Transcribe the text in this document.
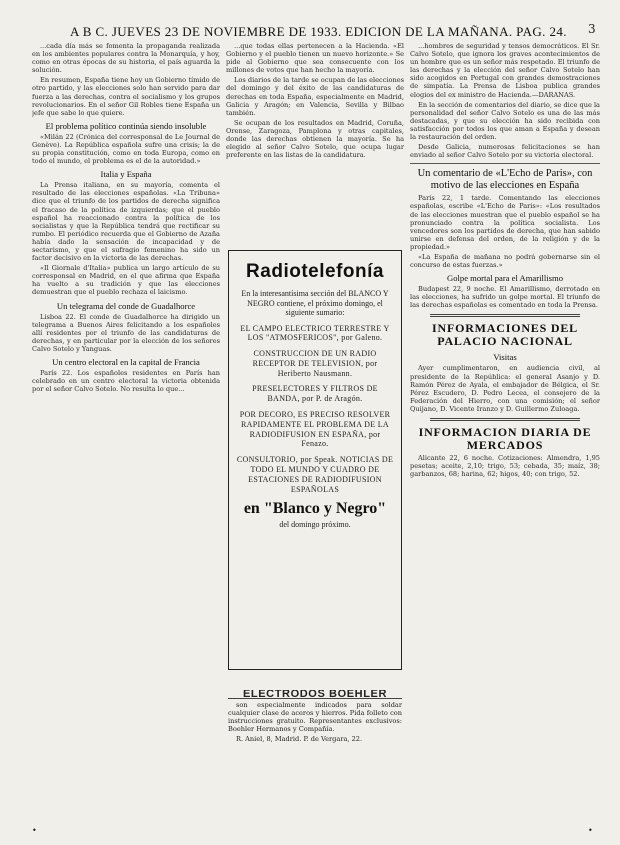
A B C. JUEVES 23 DE NOVIEMBRE DE 1933. EDICION DE LA MAÑANA. PAG. 24.	3

...cada día más se fomenta la propaganda realizada en los ambientes populares contra la Monarquía, y hoy, como en otras épocas de su historia, el país aguarda la solución.

En resumen, España tiene hoy un Gobierno tímido de otro partido, y las elecciones solo han servido para dar fuerza a las derechas, contra el socialismo y los grupos revolucionarios. En el señor Gil Robles tiene España un jefe que sabe lo que quiere.

El problema político continúa siendo insoluble

«Milán 22 (Crónica del corresponsal de Le Journal de Genève). La República española sufre una crisis; la de su propia constitución, como en toda Europa, como en todo el mundo, el problema es el de la autoridad.»

Italia y España

La Prensa italiana, en su mayoría, comenta el resultado de las elecciones españolas. «La Tribuna» dice que el triunfo de los partidos de derecha significa el fracaso de la política de izquierdas; que el pueblo español ha reaccionado contra la política de los socialistas y que la República tendrá que rectificar su rumbo. El periódico recuerda que el Gobierno de Azaña había dado la sensación de incapacidad y de sectarismo, y que el sufragio femenino ha sido un factor decisivo en la victoria de las derechas.

«Il Giornale d'Italia» publica un largo artículo de su corresponsal en Madrid, en el que afirma que España ha vuelto a su tradición y que las elecciones demuestran que el pueblo rechaza el laicismo.

Un telegrama del conde de Guadalhorce

Lisboa 22. El conde de Guadalhorce ha dirigido un telegrama a Buenos Aires felicitando a los españoles allí residentes por el triunfo de las candidaturas de derechas, y en particular por la elección de los señores Calvo Sotelo y Yanguas.

Un centro electoral en la capital de Francia

París 22. Los españoles residentes en París han celebrado en un centro electoral la victoria obtenida por el señor Calvo Sotelo. No resulta lo que...

...que todas ellas pertenecen a la Hacienda. «El Gobierno y el pueblo tienen un nuevo horizonte.» Se pide al Gobierno que sea consecuente con los millones de votos que han hecho la mayoría.

Los diarios de la tarde se ocupan de las elecciones del domingo y del éxito de las candidaturas de derechas en toda España, especialmente en Madrid, Galicia y Aragón; en Valencia, Sevilla y Bilbao también.

Se ocupan de los resultados en Madrid, Coruña, Orense, Zaragoza, Pamplona y otras capitales, donde las derechas obtienen la mayoría. Se ha elegido al señor Calvo Sotelo, que ocupa lugar preferente en las listas de la candidatura.

Radiotelefonía
En la interesantísima sección del BLANCO Y NEGRO contiene, el próximo domingo, el siguiente sumario:
EL CAMPO ELECTRICO TERRESTRE Y LOS "ATMOSFERICOS", por Galeno.
CONSTRUCCION DE UN RADIO RECEPTOR DE TELEVISION, por Heriberto Nausmann.
PRESELECTORES Y FILTROS DE BANDA, por P. de Aragón.
POR DECORO, ES PRECISO RESOLVER RAPIDAMENTE EL PROBLEMA DE LA RADIODIFUSION EN ESPAÑA, por Fenazo.
CONSULTORIO, por Speak. NOTICIAS DE TODO EL MUNDO Y CUADRO DE ESTACIONES DE RADIODIFUSION ESPAÑOLAS
en "Blanco y Negro"
del domingo próximo.
ELECTRODOS BOEHLER

son especialmente indicados para soldar cualquier clase de aceros y hierros. Pida folleto con instrucciones gratuito. Representantes exclusivos: Boehler Hermanos y Compañía.

R. Aniel, 8, Madrid. P. de Vergara, 22.

...hombres de seguridad y tensos democráticos. El Sr. Calvo Sotelo, que ignora los graves acontecimientos de un hombre que es un señor más respetado. El triunfo de las derechas y la elección del señor Calvo Sotelo han sido acogidos en Portugal con grandes demostraciones de simpatía. La Prensa de Lisboa publica grandes elogios del ex ministro de Hacienda.—DARANAS.

En la sección de comentarios del diario, se dice que la personalidad del señor Calvo Sotelo es una de las más destacadas, y que su elección ha sido recibida con satisfacción por todos los que aman a España y desean la restauración del orden.

Desde Galicia, numerosas felicitaciones se han enviado al señor Calvo Sotelo por su victoria electoral.

Un comentario de «L'Echo de Paris», con motivo de las elecciones en España

París 22, 1 tarde. Comentando las elecciones españolas, escribe «L'Echo de Paris»: «Los resultados de las elecciones muestran que el pueblo español se ha pronunciado contra la política socialista. Los vencedores son los partidos de derecha, que han sabido unirse en defensa del orden, de la religión y de la propiedad.»

«La España de mañana no podrá gobernarse sin el concurso de estas fuerzas.»

Golpe mortal para el Amarillismo

Budapest 22, 9 noche. El Amarillismo, derrotado en las elecciones, ha sufrido un golpe mortal. El triunfo de las derechas españolas es comentado en toda la Prensa.

INFORMACIONES DEL PALACIO NACIONAL
Visitas

Ayer cumplimentaron, en audiencia civil, al presidente de la República: el general Asanjo y D. Ramón Pérez de Ayala, el embajador de Bélgica, el Sr. Pérez Escudero, D. Pedro Lecea, el consejero de la Federación del Hierro, con una comisión; el señor Quijano, D. Vicente Iranzo y D. Guillermo Zuloaga.

INFORMACION DIARIA DE MERCADOS

Alicante 22, 6 noche. Cotizaciones: Almendra, 1,95 pesetas; aceite, 2,10; trigo, 53; cebada, 35; maíz, 38; garbanzos, 68; harina, 62; higos, 40; con trigo, 52.

•	•
